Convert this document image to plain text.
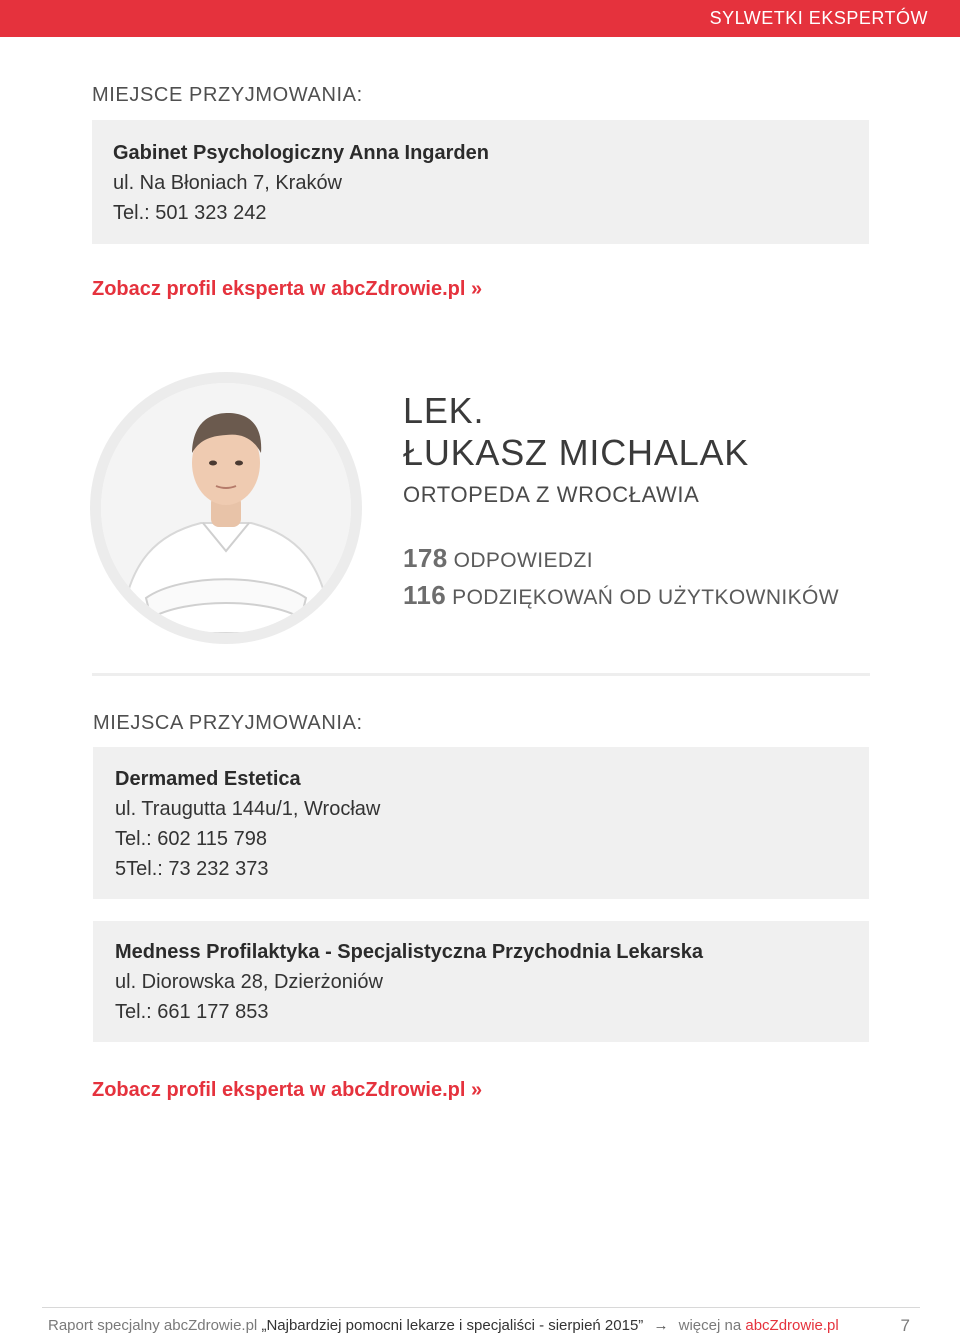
SYLWETKI EKSPERTÓW
MIEJSCE PRZYJMOWANIA:
Gabinet Psychologiczny Anna Ingarden
ul. Na Błoniach 7, Kraków
Tel.: 501 323 242
Zobacz profil eksperta w abcZdrowie.pl »
LEK.
ŁUKASZ MICHALAK
ORTOPEDA Z WROCŁAWIA
178 ODPOWIEDZI
116 PODZIĘKOWAŃ OD UŻYTKOWNIKÓW
MIEJSCA PRZYJMOWANIA:
Dermamed Estetica
ul. Traugutta 144u/1, Wrocław
Tel.: 602 115 798
5Tel.: 73 232 373
Medness Profilaktyka - Specjalistyczna Przychodnia Lekarska
ul. Diorowska 28, Dzierżoniów
Tel.: 661 177 853
Zobacz profil eksperta w abcZdrowie.pl »
Raport specjalny abcZdrowie.pl „Najbardziej pomocni lekarze i specjaliści - sierpień 2015” → więcej na abcZdrowie.pl	7
